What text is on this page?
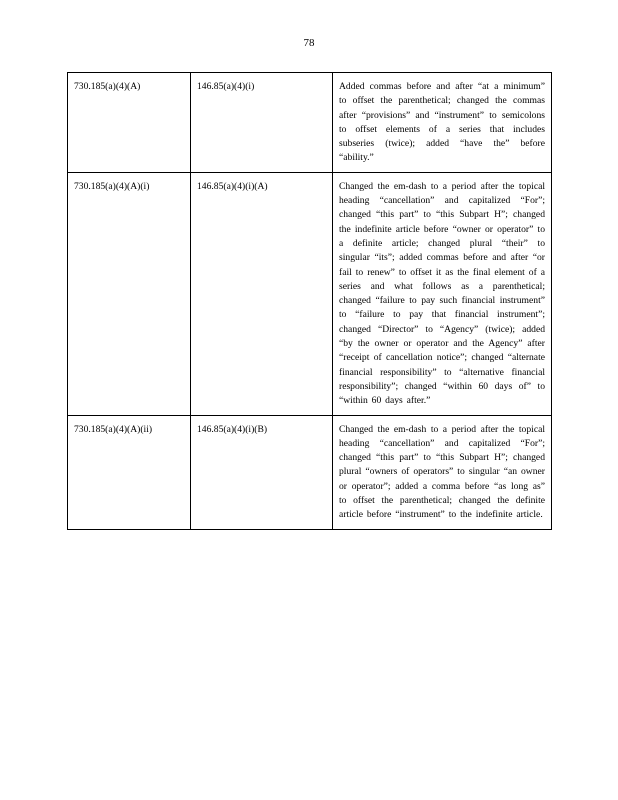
78
730.185(a)(4)(A)	146.85(a)(4)(i)	Added commas before and after “at a minimum” to offset the parenthetical; changed the commas after “provisions” and “instrument” to semicolons to offset elements of a series that includes subseries (twice); added “have the” before “ability.”
730.185(a)(4)(A)(i)	146.85(a)(4)(i)(A)	Changed the em-dash to a period after the topical heading “cancellation” and capitalized “For”; changed “this part” to “this Subpart H”; changed the indefinite article before “owner or operator” to a definite article; changed plural “their” to singular “its”; added commas before and after “or fail to renew” to offset it as the final element of a series and what follows as a parenthetical; changed “failure to pay such financial instrument” to “failure to pay that financial instrument”; changed “Director” to “Agency” (twice); added “by the owner or operator and the Agency” after “receipt of cancellation notice”; changed “alternate financial responsibility” to “alternative financial responsibility”; changed “within 60 days of” to “within 60 days after.”
730.185(a)(4)(A)(ii)	146.85(a)(4)(i)(B)	Changed the em-dash to a period after the topical heading “cancellation” and capitalized “For”; changed “this part” to “this Subpart H”; changed plural “owners of operators” to singular “an owner or operator”; added a comma before “as long as” to offset the parenthetical; changed the definite article before “instrument” to the indefinite article.
